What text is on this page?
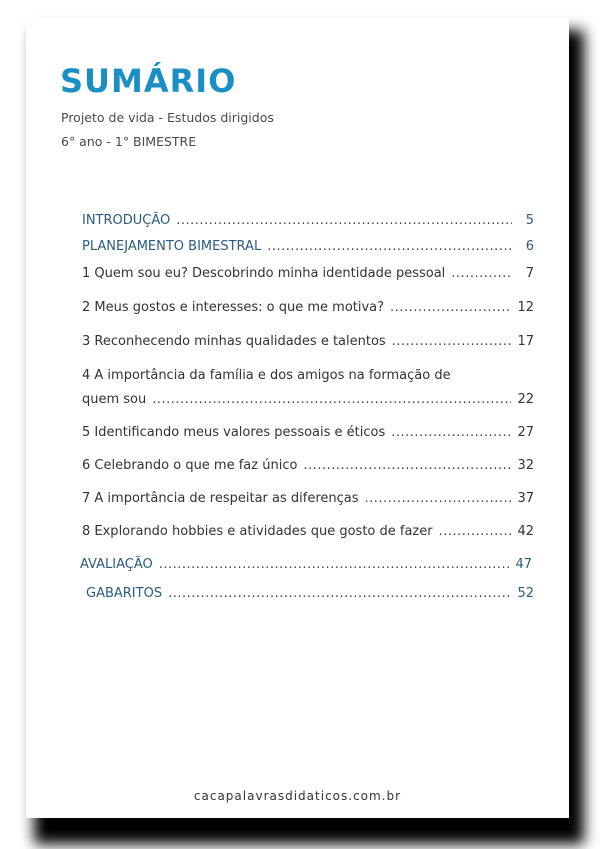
SUMÁRIO
Projeto de vida - Estudos dirigidos
6° ano - 1° BIMESTRE
INTRODUÇÃO .....	5
PLANEJAMENTO BIMESTRAL .....	6
1 Quem sou eu? Descobrindo minha identidade pessoal .....	7
2 Meus gostos e interesses: o que me motiva? .....	12
3 Reconhecendo minhas qualidades e talentos .....	17
4 A importância da família e dos amigos na formação de
quem sou .....	22
5 Identificando meus valores pessoais e éticos .....	27
6 Celebrando o que me faz único .....	32
7 A importância de respeitar as diferenças .....	37
8 Explorando hobbies e atividades que gosto de fazer .....	42
AVALIAÇÃO .....	47
GABARITOS .....	52
cacapalavrasdidaticos.com.br
